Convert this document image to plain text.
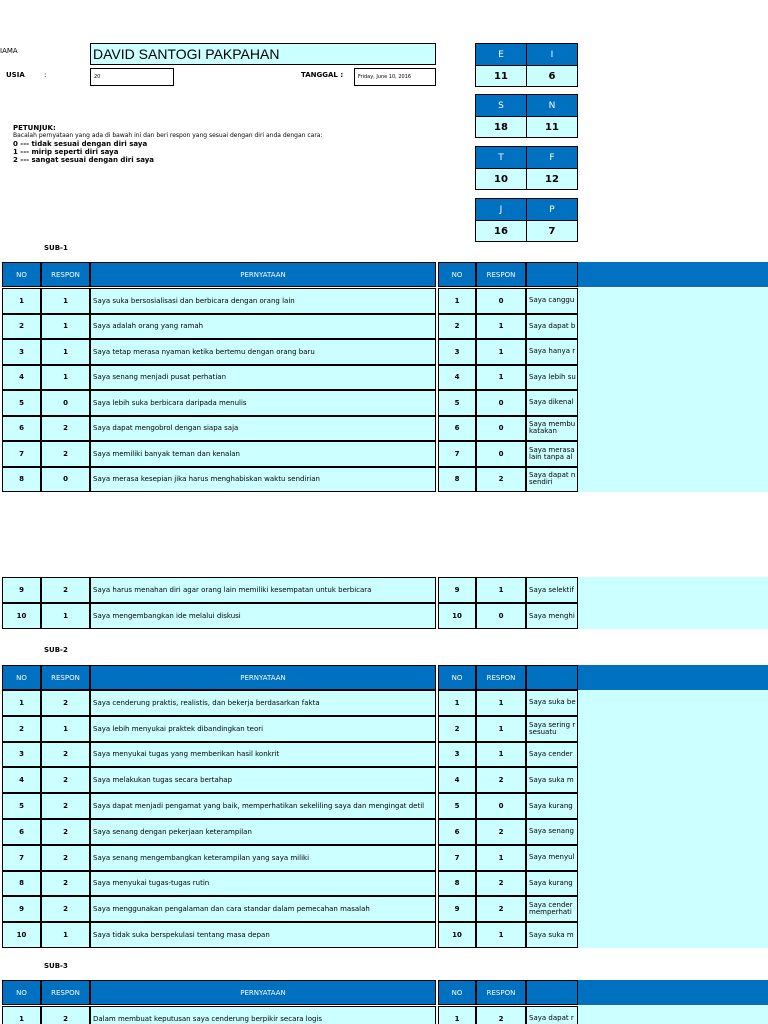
IAMA	DAVID SANTOGI PAKPAHAN
USIA	:	20	TANGGAL :	Friday, June 10, 2016
E	I
11	6
S	N
18	11
T	F
10	12
J	P
16	7
PETUNJUK:
Bacalah pernyataan yang ada di bawah ini dan beri respon yang sesuai dengan diri anda dengan cara:
0 --- tidak sesuai dengan diri saya
1 --- mirip seperti diri saya
2 --- sangat sesuai dengan diri saya
SUB-1
SUB-2
SUB-3
NO	RESPON	PERNYATAAN	NO	RESPON
1	1	Saya suka bersosialisasi dan berbicara dengan orang lain	1	0	Saya canggu
2	1	Saya adalah orang yang ramah	2	1	Saya dapat b
3	1	Saya tetap merasa nyaman ketika bertemu dengan orang baru	3	1	Saya hanya r
4	1	Saya senang menjadi pusat perhatian	4	1	Saya lebih su
5	0	Saya lebih suka berbicara daripada menulis	5	0	Saya dikenal
6	2	Saya dapat mengobrol dengan siapa saja	6	0	Saya membu katakan
7	2	Saya memiliki banyak teman dan kenalan	7	0	Saya merasa lain tanpa al
8	0	Saya merasa kesepian jika harus menghabiskan waktu sendirian	8	2	Saya dapat n sendiri
9	2	Saya harus menahan diri agar orang lain memiliki kesempatan untuk berbicara	9	1	Saya selektif
10	1	Saya mengembangkan ide melalui diskusi	10	0	Saya menghi
NO	RESPON	PERNYATAAN	NO	RESPON
1	2	Saya cenderung praktis, realistis, dan bekerja berdasarkan fakta	1	1	Saya suka be
2	1	Saya lebih menyukai praktek dibandingkan teori	2	1	Saya sering r sesuatu
3	2	Saya menyukai tugas yang memberikan hasil konkrit	3	1	Saya cender
4	2	Saya melakukan tugas secara bertahap	4	2	Saya suka m
5	2	Saya dapat menjadi pengamat yang baik, memperhatikan sekeliling saya dan mengingat detil	5	0	Saya kurang
6	2	Saya senang dengan pekerjaan keterampilan	6	2	Saya senang
7	2	Saya senang mengembangkan keterampilan yang saya miliki	7	1	Saya menyul
8	2	Saya menyukai tugas-tugas rutin	8	2	Saya kurang
9	2	Saya menggunakan pengalaman dan cara standar dalam pemecahan masalah	9	2	Saya cender memperhati
10	1	Saya tidak suka berspekulasi tentang masa depan	10	1	Saya suka m
NO	RESPON	PERNYATAAN	NO	RESPON
1	2	Dalam membuat keputusan saya cenderung berpikir secara logis	1	2	Saya dapat r
